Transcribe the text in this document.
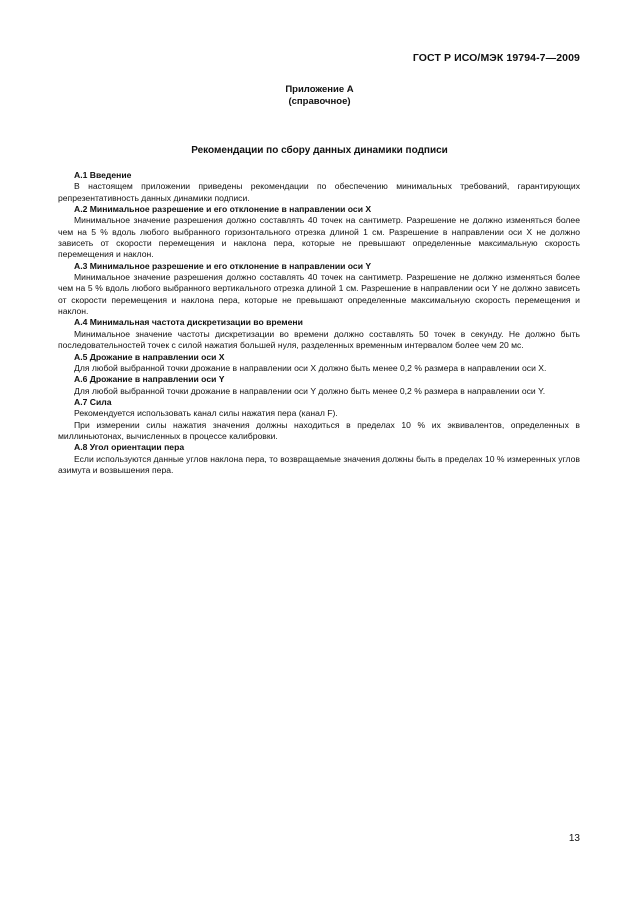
ГОСТ Р ИСО/МЭК 19794-7—2009
Приложение А
(справочное)
Рекомендации по сбору данных динамики подписи

А.1 Введение

В настоящем приложении приведены рекомендации по обеспечению минимальных требований, гарантирующих репрезентативность данных динамики подписи.

А.2 Минимальное разрешение и его отклонение в направлении оси X

Минимальное значение разрешения должно составлять 40 точек на сантиметр. Разрешение не должно изменяться более чем на 5 % вдоль любого выбранного горизонтального отрезка длиной 1 см. Разрешение в направлении оси X не должно зависеть от скорости перемещения и наклона пера, которые не превышают определенные максимальную скорость перемещения и наклон.

А.3 Минимальное разрешение и его отклонение в направлении оси Y

Минимальное значение разрешения должно составлять 40 точек на сантиметр. Разрешение не должно изменяться более чем на 5 % вдоль любого выбранного вертикального отрезка длиной 1 см. Разрешение в направлении оси Y не должно зависеть от скорости перемещения и наклона пера, которые не превышают определенные максимальную скорость перемещения и наклон.

А.4 Минимальная частота дискретизации во времени

Минимальное значение частоты дискретизации во времени должно составлять 50 точек в секунду. Не должно быть последовательностей точек с силой нажатия большей нуля, разделенных временным интервалом более чем 20 мс.

А.5 Дрожание в направлении оси X

Для любой выбранной точки дрожание в направлении оси X должно быть менее 0,2 % размера в направлении оси X.

А.6 Дрожание в направлении оси Y

Для любой выбранной точки дрожание в направлении оси Y должно быть менее 0,2 % размера в направлении оси Y.

А.7 Сила

Рекомендуется использовать канал силы нажатия пера (канал F).

При измерении силы нажатия значения должны находиться в пределах 10 % их эквивалентов, определенных в миллиньютонах, вычисленных в процессе калибровки.

А.8 Угол ориентации пера

Если используются данные углов наклона пера, то возвращаемые значения должны быть в пределах 10 % измеренных углов азимута и возвышения пера.

13
